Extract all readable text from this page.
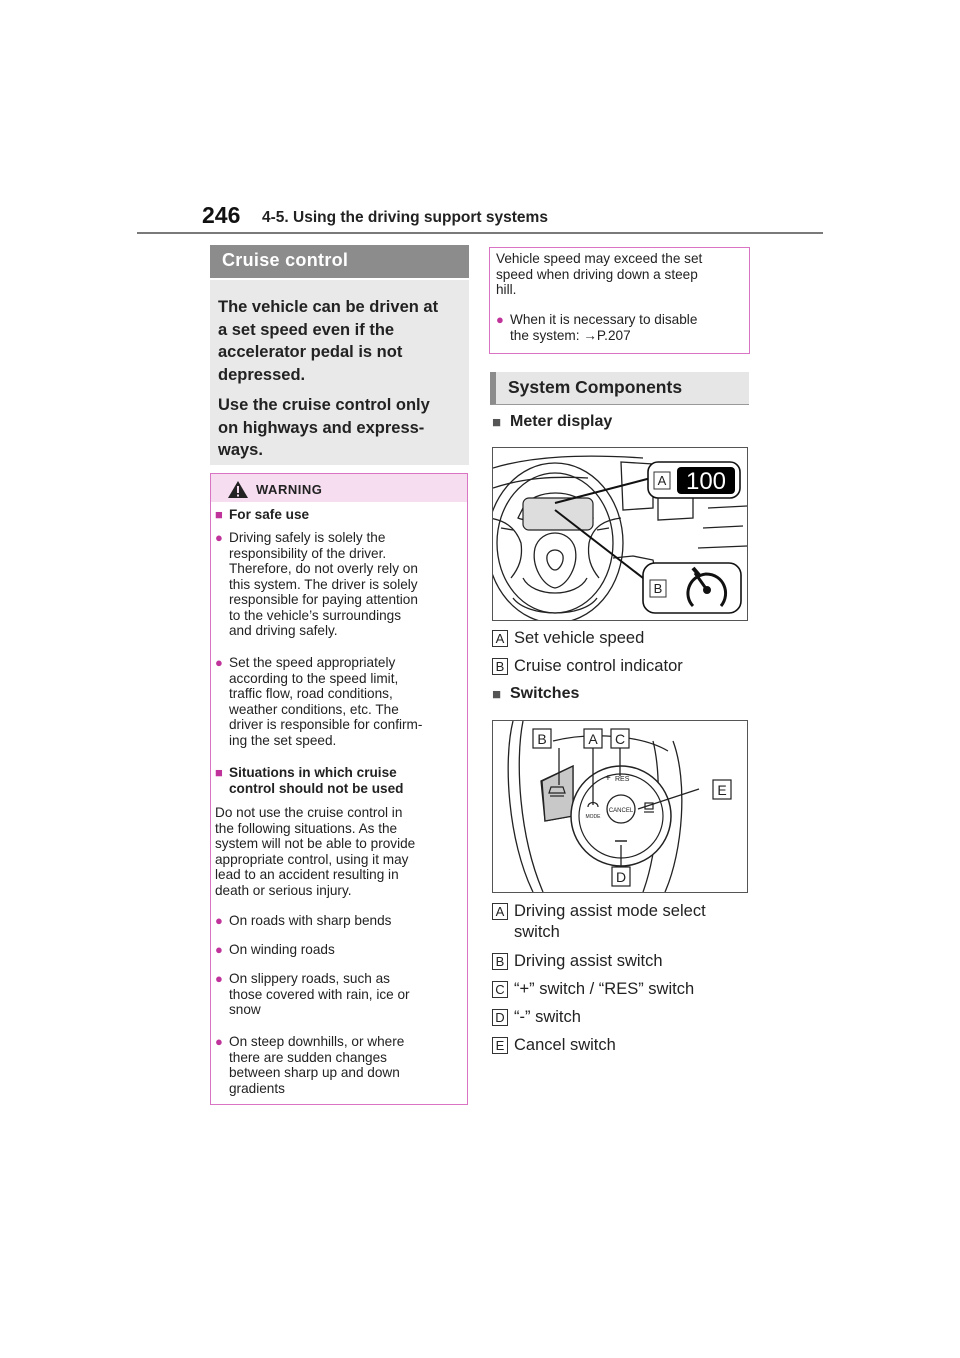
246 4-5. Using the driving support systems
Cruise control
The vehicle can be driven at
a set speed even if the
accelerator pedal is not
depressed.
Use the cruise control only
on highways and express-
ways.
WARNING
■ For safe use
● Driving safely is solely the
responsibility of the driver.
Therefore, do not overly rely on
this system. The driver is solely
responsible for paying attention
to the vehicle’s surroundings
and driving safely.
● Set the speed appropriately
according to the speed limit,
traffic flow, road conditions,
weather conditions, etc. The
driver is responsible for confirm-
ing the set speed.
■ Situations in which cruise
control should not be used
Do not use the cruise control in
the following situations. As the
system will not be able to provide
appropriate control, using it may
lead to an accident resulting in
death or serious injury.
● On roads with sharp bends
● On winding roads
● On slippery roads, such as
those covered with rain, ice or
snow
● On steep downhills, or where
there are sudden changes
between sharp up and down
gradients
Vehicle speed may exceed the set
speed when driving down a steep
hill.
● When it is necessary to disable
the system: →P.207
System Components
■ Meter display
A 100
B
A Set vehicle speed
B Cruise control indicator
■ Switches
CANCEL
+ RES
MODE
B	A C
E
D
A Driving assist mode select
switch
B Driving assist switch
C “+” switch / “RES” switch
D “-” switch
E Cancel switch
